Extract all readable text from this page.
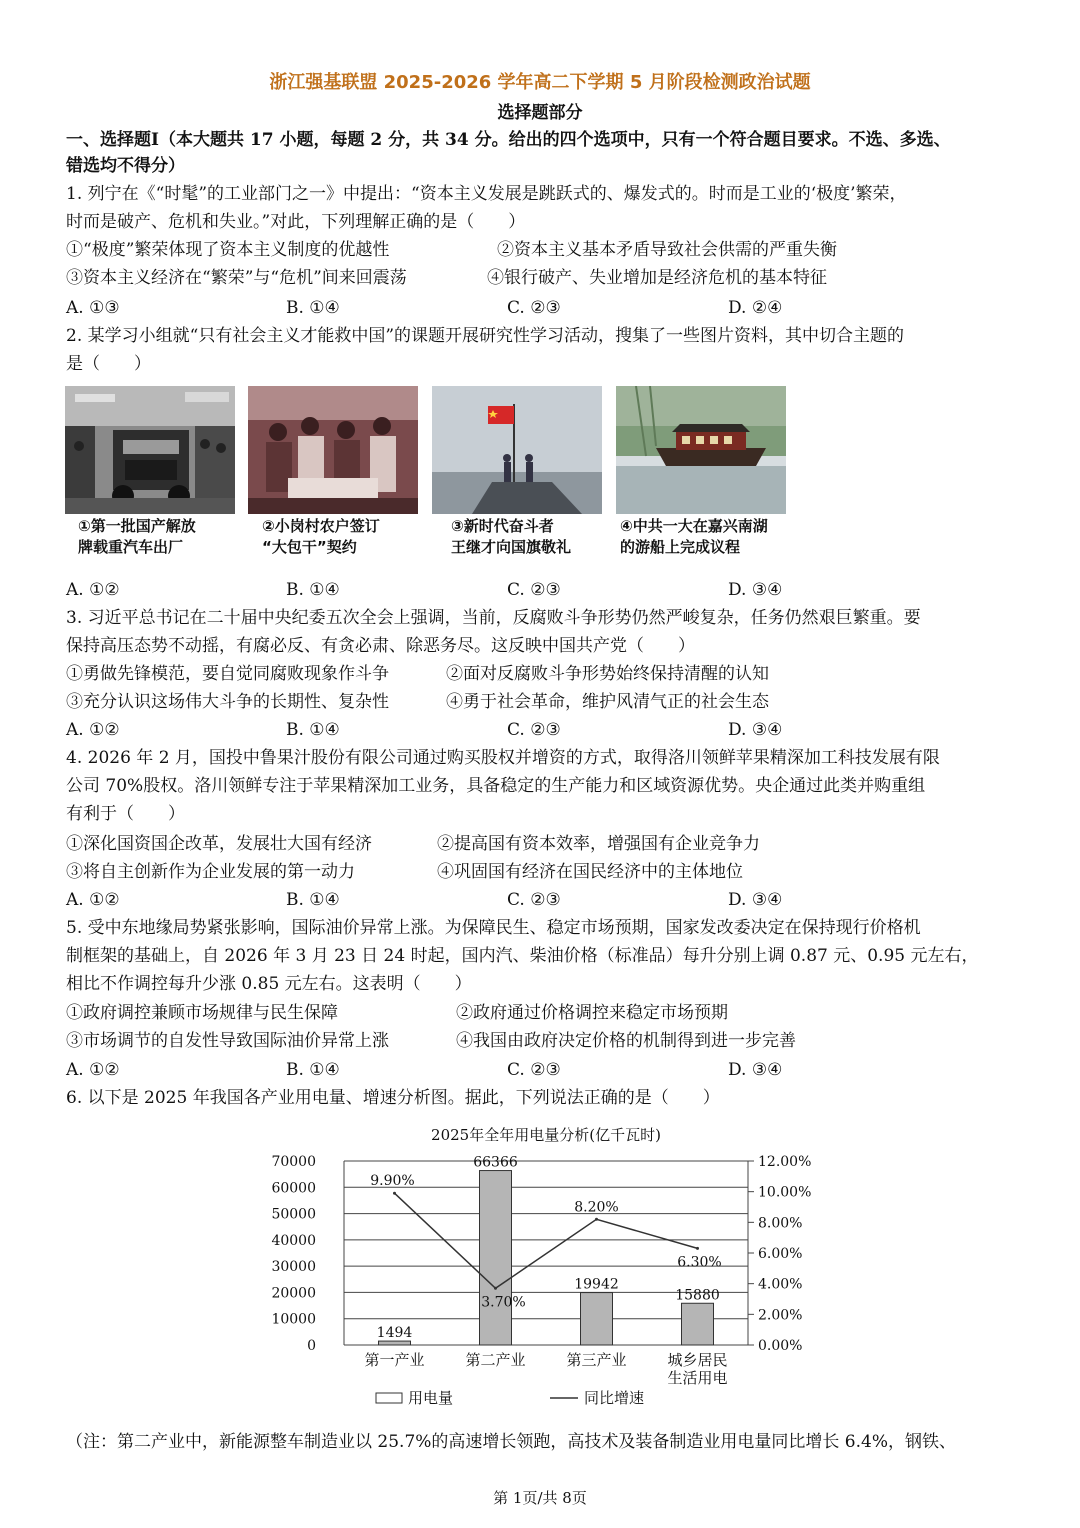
浙江强基联盟 2025-2026 学年高二下学期 5 月阶段检测政治试题
选择题部分
一、选择题Ⅰ（本大题共 17 小题，每题 2 分，共 34 分。给出的四个选项中，只有一个符合题目要求。不选、多选、
错选均不得分）
1. 列宁在《“时髦”的工业部门之一》中提出：“资本主义发展是跳跃式的、爆发式的。时而是工业的‘极度’繁荣，
时而是破产、危机和失业。”对此，下列理解正确的是（　　）
①“极度”繁荣体现了资本主义制度的优越性	②资本主义基本矛盾导致社会供需的严重失衡
③资本主义经济在“繁荣”与“危机”间来回震荡	④银行破产、失业增加是经济危机的基本特征
A. ①③	B. ①④	C. ②③	D. ②④
2. 某学习小组就“只有社会主义才能救中国”的课题开展研究性学习活动，搜集了一些图片资料，其中切合主题的
是（　　）
①第一批国产解放
牌载重汽车出厂
②小岗村农户签订
“大包干”契约
③新时代奋斗者
王继才向国旗敬礼
④中共一大在嘉兴南湖
的游船上完成议程
A. ①②	B. ①④	C. ②③	D. ③④
3. 习近平总书记在二十届中央纪委五次全会上强调，当前，反腐败斗争形势仍然严峻复杂，任务仍然艰巨繁重。要
保持高压态势不动摇，有腐必反、有贪必肃、除恶务尽。这反映中国共产党（　　）
①勇做先锋模范，要自觉同腐败现象作斗争	②面对反腐败斗争形势始终保持清醒的认知
③充分认识这场伟大斗争的长期性、复杂性	④勇于社会革命，维护风清气正的社会生态
A. ①②	B. ①④	C. ②③	D. ③④
4. 2026 年 2 月，国投中鲁果汁股份有限公司通过购买股权并增资的方式，取得洛川领鲜苹果精深加工科技发展有限
公司 70%股权。洛川领鲜专注于苹果精深加工业务，具备稳定的生产能力和区域资源优势。央企通过此类并购重组
有利于（　　）
①深化国资国企改革，发展壮大国有经济	②提高国有资本效率，增强国有企业竞争力
③将自主创新作为企业发展的第一动力	④巩固国有经济在国民经济中的主体地位
A. ①②	B. ①④	C. ②③	D. ③④
5. 受中东地缘局势紧张影响，国际油价异常上涨。为保障民生、稳定市场预期，国家发改委决定在保持现行价格机
制框架的基础上，自 2026 年 3 月 23 日 24 时起，国内汽、柴油价格（标准品）每升分别上调 0.87 元、0.95 元左右，
相比不作调控每升少涨 0.85 元左右。这表明（　　）
①政府调控兼顾市场规律与民生保障	②政府通过价格调控来稳定市场预期
③市场调节的自发性导致国际油价异常上涨	④我国由政府决定价格的机制得到进一步完善
A. ①②	B. ①④	C. ②③	D. ③④
6. 以下是 2025 年我国各产业用电量、增速分析图。据此，下列说法正确的是（　　）
2025年全年用电量分析(亿千瓦时)
0
10000
20000
30000
40000
50000
60000
70000
0.00%
2.00%
4.00%
6.00%
8.00%
10.00%
12.00%
1494
66366
19942
15880
第一产业	第二产业	第三产业	城乡居民
生活用电
9.90%
3.70%
8.20%
6.30%
用电量	同比增速
（注：第二产业中，新能源整车制造业以 25.7%的高速增长领跑，高技术及装备制造业用电量同比增长 6.4%，钢铁、
第 1页/共 8页
